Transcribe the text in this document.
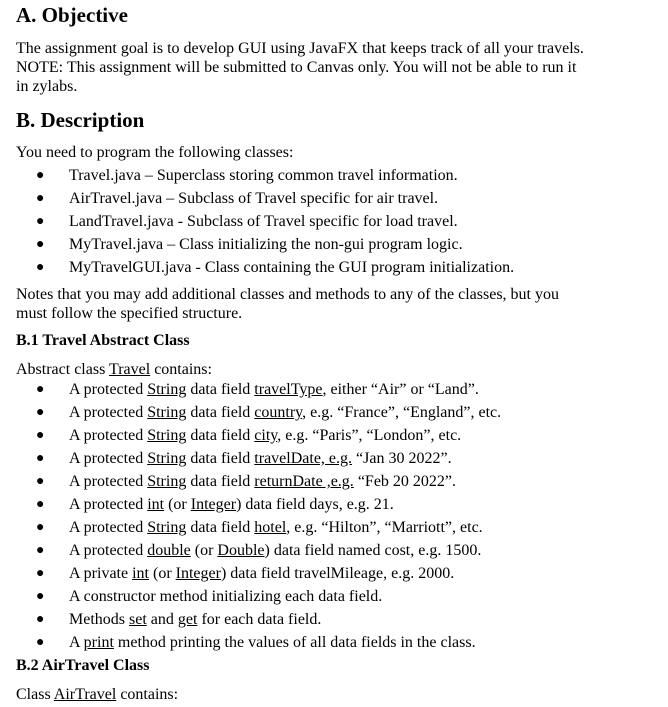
A. Objective

The assignment goal is to develop GUI using JavaFX that keeps track of all your travels.

NOTE: This assignment will be submitted to Canvas only. You will not be able to run it

in zylabs.

B. Description

You need to program the following classes:

● Travel.java – Superclass storing common travel information.
● AirTravel.java – Subclass of Travel specific for air travel.
● LandTravel.java - Subclass of Travel specific for load travel.
● MyTravel.java – Class initializing the non-gui program logic.
● MyTravelGUI.java - Class containing the GUI program initialization.

Notes that you may add additional classes and methods to any of the classes, but you

must follow the specified structure.

B.1 Travel Abstract Class

Abstract class Travel contains:

● A protected String data field travelType, either “Air” or “Land”.
● A protected String data field country, e.g. “France”, “England”, etc.
● A protected String data field city, e.g. “Paris”, “London”, etc.
● A protected String data field travelDate, e.g. “Jan 30 2022”.
● A protected String data field returnDate ,e.g. “Feb 20 2022”.
● A protected int (or Integer) data field days, e.g. 21.
● A protected String data field hotel, e.g. “Hilton”, “Marriott”, etc.
● A protected double (or Double) data field named cost, e.g. 1500.
● A private int (or Integer) data field travelMileage, e.g. 2000.
● A constructor method initializing each data field.
● Methods set and get for each data field.
● A print method printing the values of all data fields in the class.
B.2 AirTravel Class

Class AirTravel contains:
